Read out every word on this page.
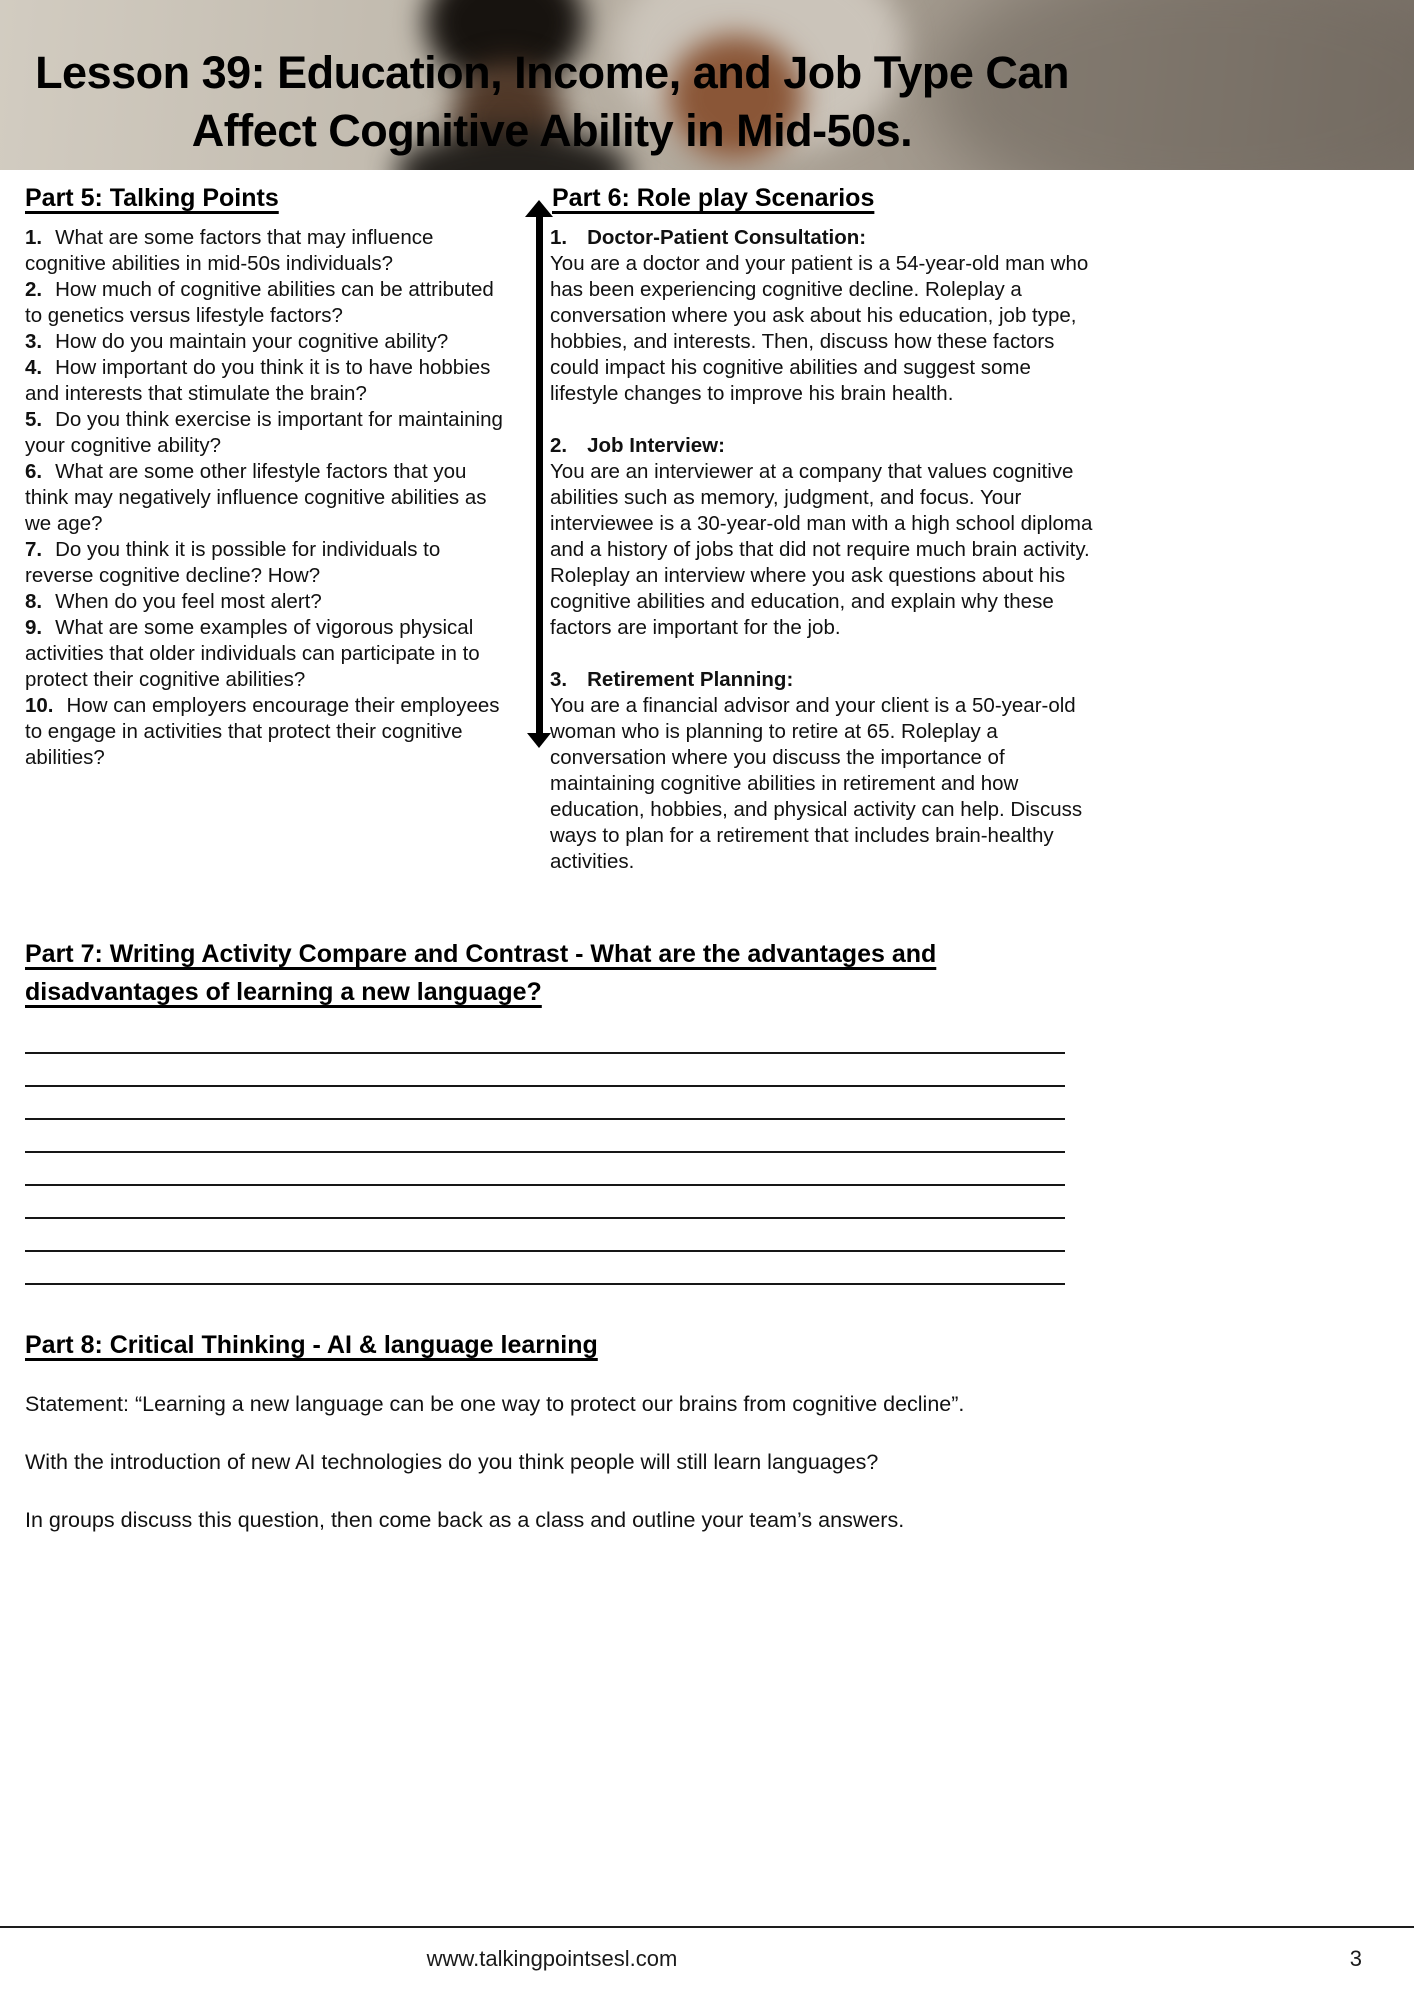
Lesson 39: Education, Income, and Job Type Can
Affect Cognitive Ability in Mid-50s.
Part 5: Talking Points

1. What are some factors that may influence cognitive abilities in mid-50s individuals?

2. How much of cognitive abilities can be attributed to genetics versus lifestyle factors?

3. How do you maintain your cognitive ability?

4. How important do you think it is to have hobbies and interests that stimulate the brain?

5. Do you think exercise is important for maintaining your cognitive ability?

6. What are some other lifestyle factors that you think may negatively influence cognitive abilities as we age?

7. Do you think it is possible for individuals to reverse cognitive decline? How?

8. When do you feel most alert?

9. What are some examples of vigorous physical activities that older individuals can participate in to protect their cognitive abilities?

10. How can employers encourage their employees to engage in activities that protect their cognitive abilities?

Part 6: Role play Scenarios
1. Doctor-Patient Consultation:

You are a doctor and your patient is a 54-year-old man who has been experiencing cognitive decline. Roleplay a conversation where you ask about his education, job type, hobbies, and interests. Then, discuss how these factors could impact his cognitive abilities and suggest some lifestyle changes to improve his brain health.

2. Job Interview:

You are an interviewer at a company that values cognitive abilities such as memory, judgment, and focus. Your interviewee is a 30-year-old man with a high school diploma and a history of jobs that did not require much brain activity. Roleplay an interview where you ask questions about his cognitive abilities and education, and explain why these factors are important for the job.

3. Retirement Planning:

You are a financial advisor and your client is a 50-year-old woman who is planning to retire at 65. Roleplay a conversation where you discuss the importance of maintaining cognitive abilities in retirement and how education, hobbies, and physical activity can help. Discuss ways to plan for a retirement that includes brain-healthy activities.

Part 7: Writing Activity Compare and Contrast - What are the advantages and disadvantages of learning a new language?
Part 8: Critical Thinking - AI & language learning

Statement: “Learning a new language can be one way to protect our brains from cognitive decline”.

With the introduction of new AI technologies do you think people will still learn languages?

In groups discuss this question, then come back as a class and outline your team’s answers.

www.talkingpointsesl.com	3
